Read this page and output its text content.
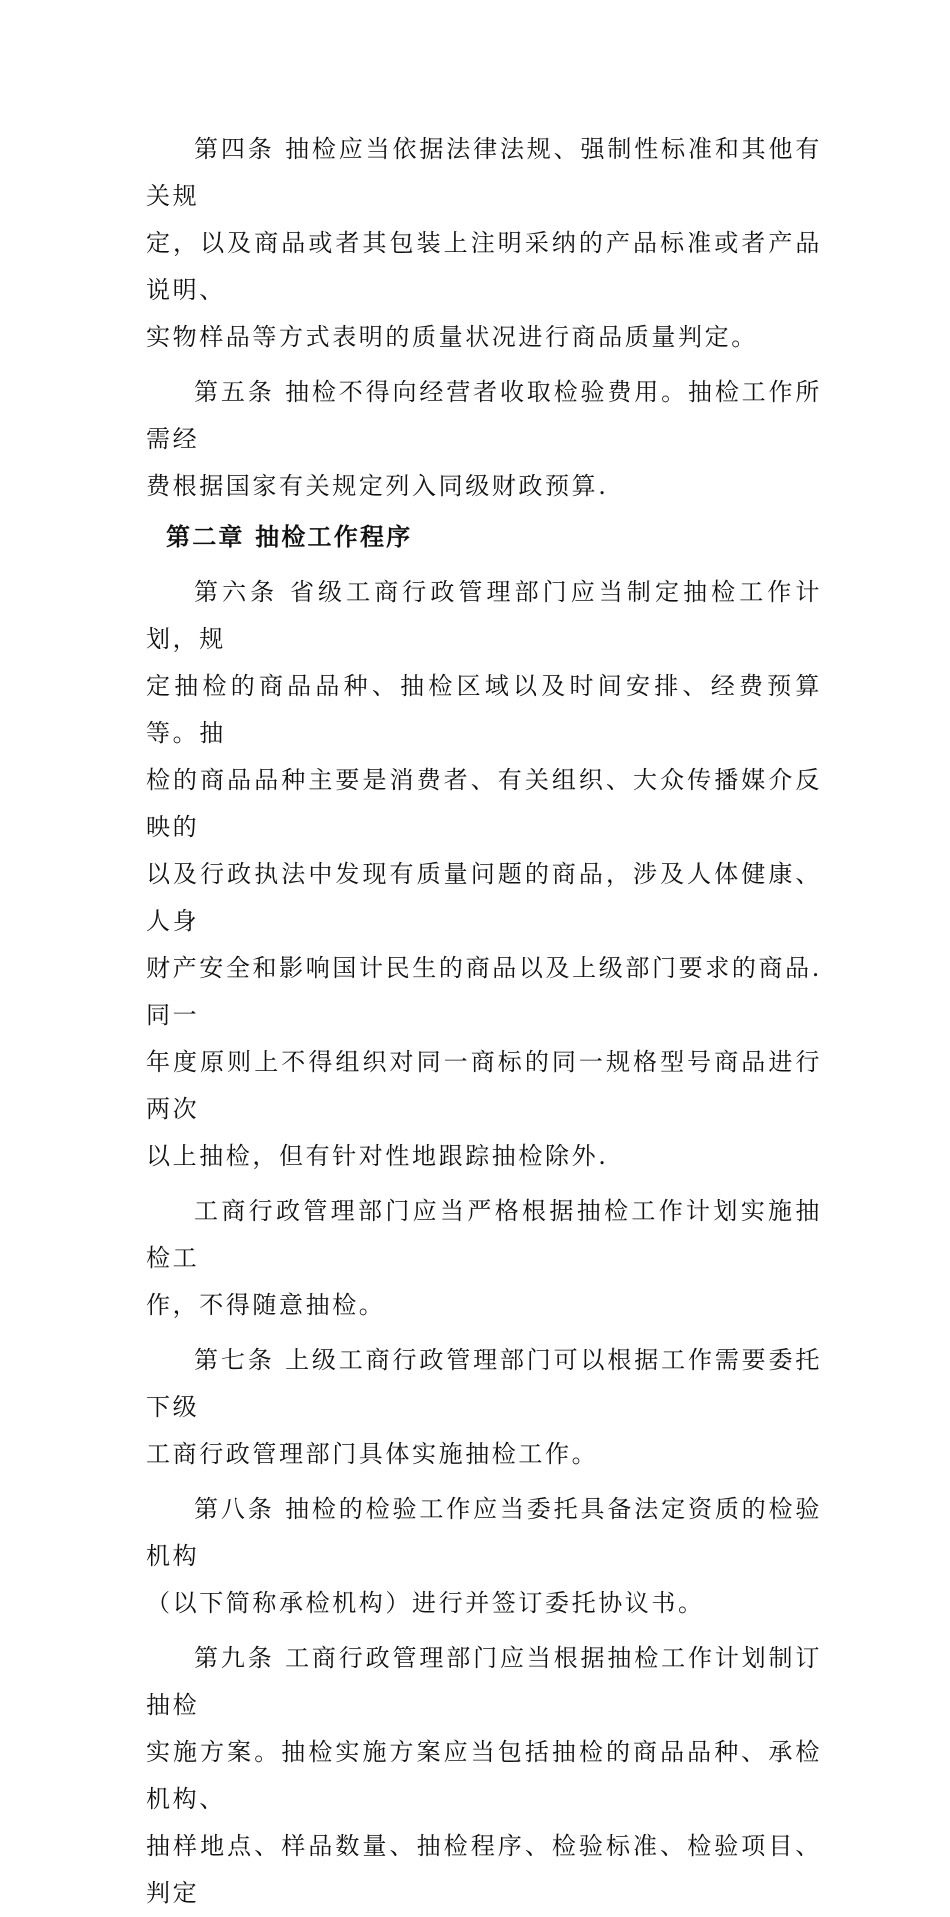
第四条 抽检应当依据法律法规、强制性标准和其他有关规
定，以及商品或者其包装上注明采纳的产品标准或者产品说明、
实物样品等方式表明的质量状况进行商品质量判定。

第五条 抽检不得向经营者收取检验费用。抽检工作所需经
费根据国家有关规定列入同级财政预算.

第二章 抽检工作程序

第六条 省级工商行政管理部门应当制定抽检工作计划，规
定抽检的商品品种、抽检区域以及时间安排、经费预算等。抽
检的商品品种主要是消费者、有关组织、大众传播媒介反映的
以及行政执法中发现有质量问题的商品，涉及人体健康、人身
财产安全和影响国计民生的商品以及上级部门要求的商品.同一
年度原则上不得组织对同一商标的同一规格型号商品进行两次
以上抽检，但有针对性地跟踪抽检除外.

工商行政管理部门应当严格根据抽检工作计划实施抽检工
作，不得随意抽检。

第七条 上级工商行政管理部门可以根据工作需要委托下级
工商行政管理部门具体实施抽检工作。

第八条 抽检的检验工作应当委托具备法定资质的检验机构
（以下简称承检机构）进行并签订委托协议书。

第九条 工商行政管理部门应当根据抽检工作计划制订抽检
实施方案。抽检实施方案应当包括抽检的商品品种、承检机构、
抽样地点、样品数量、抽检程序、检验标准、检验项目、判定
